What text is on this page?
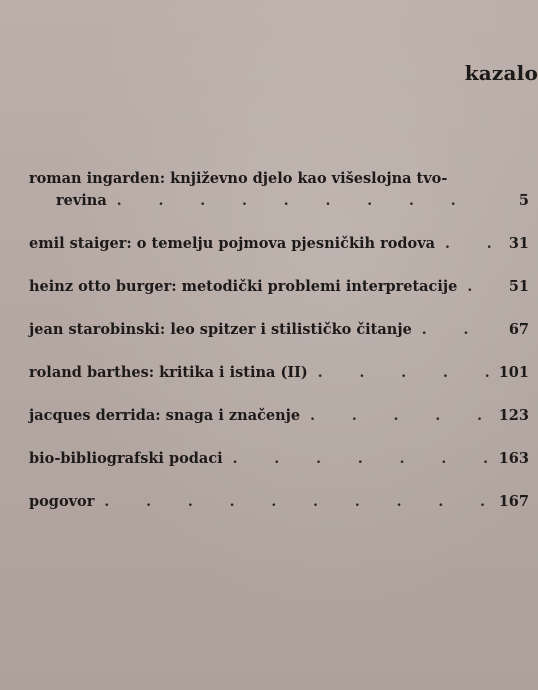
kazalo
roman ingarden: književno djelo kao višeslojna tvo-
revina . . .	5
emil staiger: o temelju pojmova pjesničkih rodova . . .	31
heinz otto burger: metodički problemi interpretacije . . .	51
jean starobinski: leo spitzer i stilističko čitanje . . .	67
roland barthes: kritika i istina (II) . . .	101
jacques derrida: snaga i značenje . . .	123
bio-bibliografski podaci . . .	163
pogovor . . .	167
